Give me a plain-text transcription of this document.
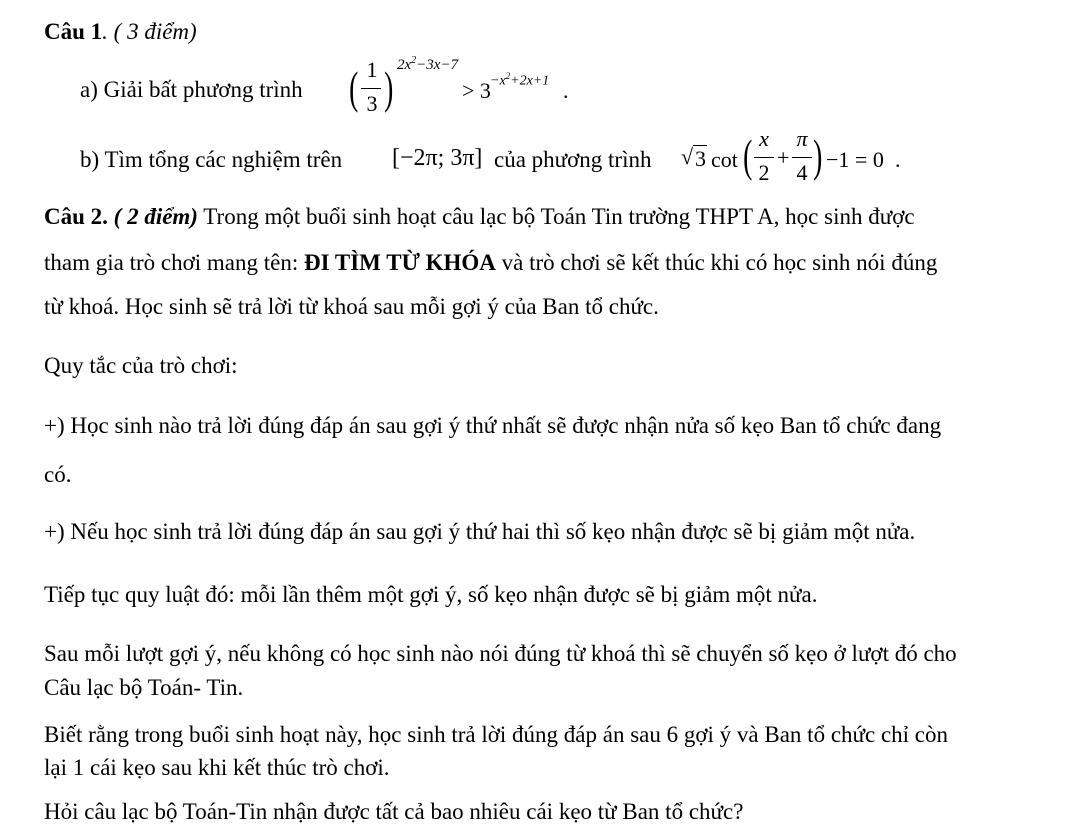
Câu 1. ( 3 điểm)
a) Giải bất phương trình ( 1
3 ) $2x^2-3x-7$
> $3 -x^2+2x+1$ .
b) Tìm tổng các nghiệm trên [−2π; 3π] của phương trình √ 3 cot ( x
2
+
π
4 ) −1 = 0 .
Câu 2. ( 2 điểm) Trong một buổi sinh hoạt câu lạc bộ Toán Tin trường THPT A, học sinh được
tham gia trò chơi mang tên: ĐI TÌM TỪ KHÓA và trò chơi sẽ kết thúc khi có học sinh nói đúng
từ khoá. Học sinh sẽ trả lời từ khoá sau mỗi gợi ý của Ban tổ chức.
Quy tắc của trò chơi:
+) Học sinh nào trả lời đúng đáp án sau gợi ý thứ nhất sẽ được nhận nửa số kẹo Ban tổ chức đang
có.
+) Nếu học sinh trả lời đúng đáp án sau gợi ý thứ hai thì số kẹo nhận được sẽ bị giảm một nửa.
Tiếp tục quy luật đó: mỗi lần thêm một gợi ý, số kẹo nhận được sẽ bị giảm một nửa.
Sau mỗi lượt gợi ý, nếu không có học sinh nào nói đúng từ khoá thì sẽ chuyển số kẹo ở lượt đó cho
Câu lạc bộ Toán- Tin.
Biết rằng trong buổi sinh hoạt này, học sinh trả lời đúng đáp án sau 6 gợi ý và Ban tổ chức chỉ còn
lại 1 cái kẹo sau khi kết thúc trò chơi.
Hỏi câu lạc bộ Toán-Tin nhận được tất cả bao nhiêu cái kẹo từ Ban tổ chức?
